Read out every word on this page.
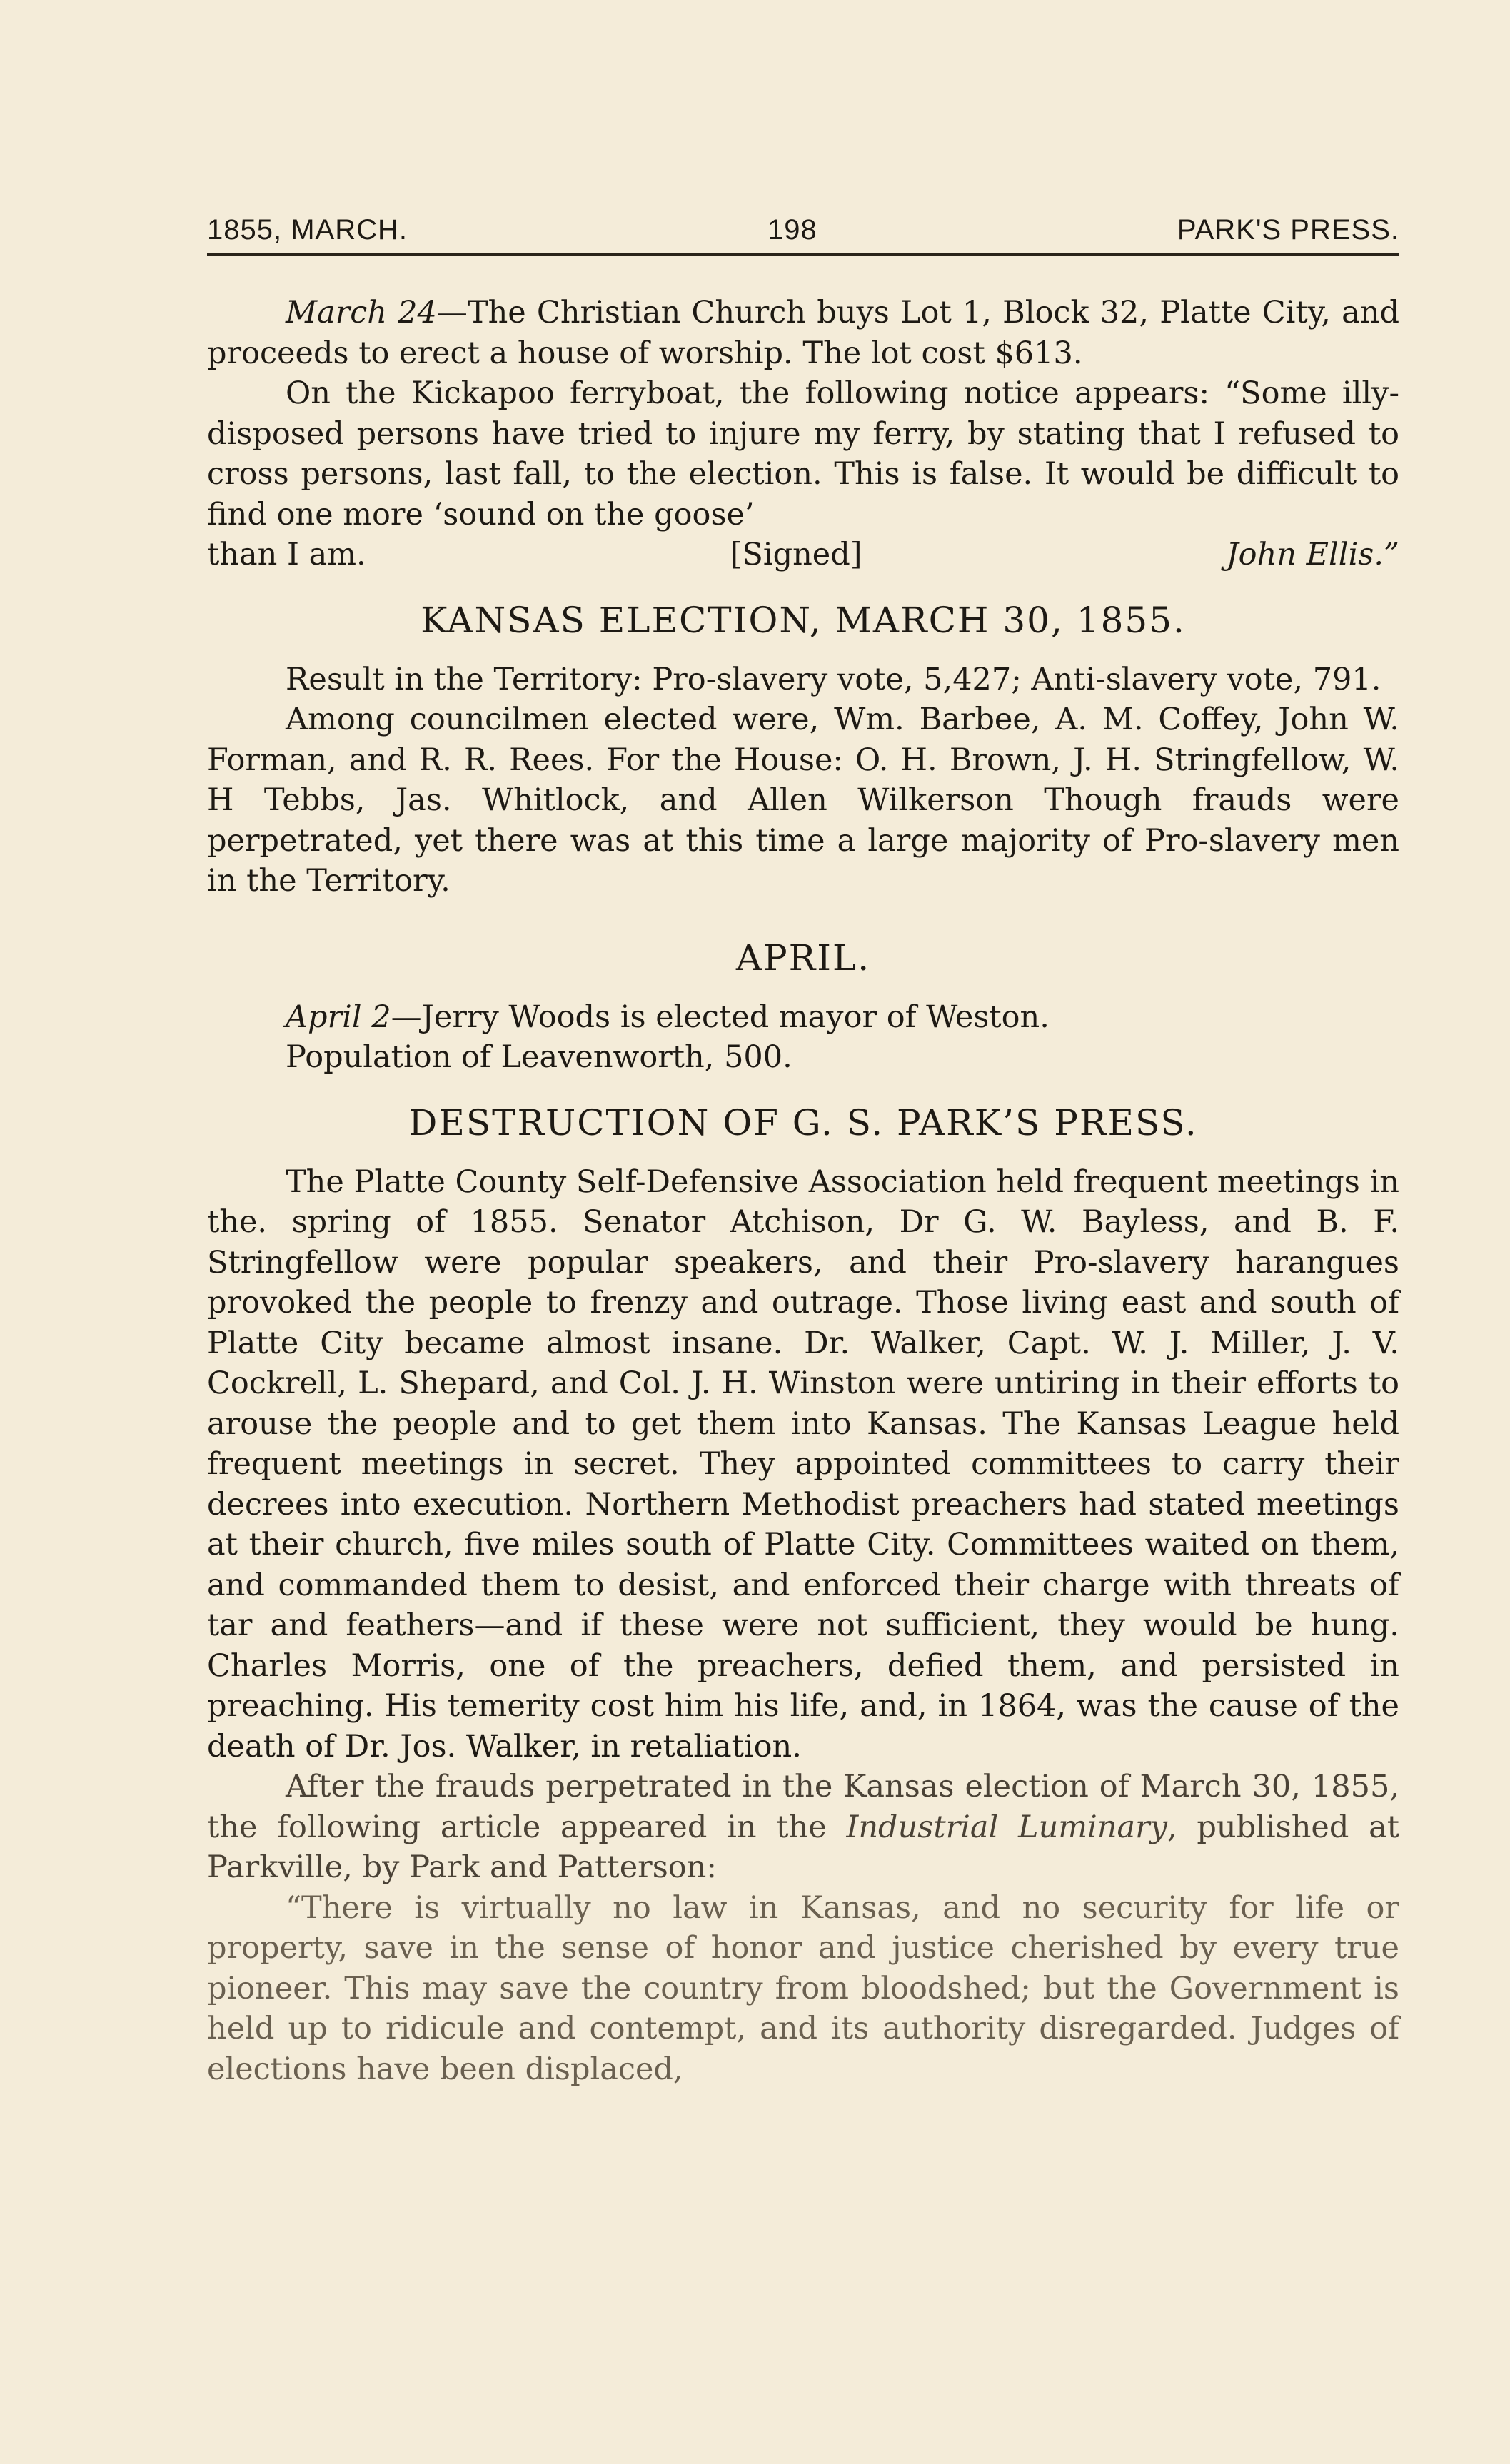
1855, MARCH.	198	PARK'S PRESS.

March 24—The Christian Church buys Lot 1, Block 32, Platte City, and proceeds to erect a house of worship. The lot cost $613.

On the Kickapoo ferryboat, the following notice appears: “Some illy-disposed persons have tried to injure my ferry, by stating that I refused to cross persons, last fall, to the election. This is false. It would be difficult to find one more ‘sound on the goose’

than I am.	[Signed]	John Ellis.”
KANSAS ELECTION, MARCH 30, 1855.

Result in the Territory: Pro-slavery vote, 5,427; Anti-slavery vote, 791.

Among councilmen elected were, Wm. Barbee, A. M. Coffey, John W. Forman, and R. R. Rees. For the House: O. H. Brown, J. H. Stringfellow, W. H Tebbs, Jas. Whitlock, and Allen Wilkerson Though frauds were perpetrated, yet there was at this time a large majority of Pro-slavery men in the Territory.

APRIL.

April 2—Jerry Woods is elected mayor of Weston.

Population of Leavenworth, 500.

DESTRUCTION OF G. S. PARK’S PRESS.

The Platte County Self-Defensive Association held frequent meetings in the. spring of 1855. Senator Atchison, Dr G. W. Bayless, and B. F. Stringfellow were popular speakers, and their Pro-slavery harangues provoked the people to frenzy and outrage. Those living east and south of Platte City became almost insane. Dr. Walker, Capt. W. J. Miller, J. V. Cockrell, L. Shepard, and Col. J. H. Winston were untiring in their efforts to arouse the people and to get them into Kansas. The Kansas League held frequent meetings in secret. They appointed committees to carry their decrees into execution. Northern Methodist preachers had stated meetings at their church, five miles south of Platte City. Committees waited on them, and commanded them to desist, and enforced their charge with threats of tar and feathers—and if these were not sufficient, they would be hung. Charles Morris, one of the preachers, defied them, and persisted in preaching. His temerity cost him his life, and, in 1864, was the cause of the death of Dr. Jos. Walker, in retaliation.

After the frauds perpetrated in the Kansas election of March 30, 1855, the following article appeared in the Industrial Luminary, published at Parkville, by Park and Patterson:

“There is virtually no law in Kansas, and no security for life or property, save in the sense of honor and justice cherished by every true pioneer. This may save the country from bloodshed; but the Government is held up to ridicule and contempt, and its authority disregarded. Judges of elections have been displaced,
